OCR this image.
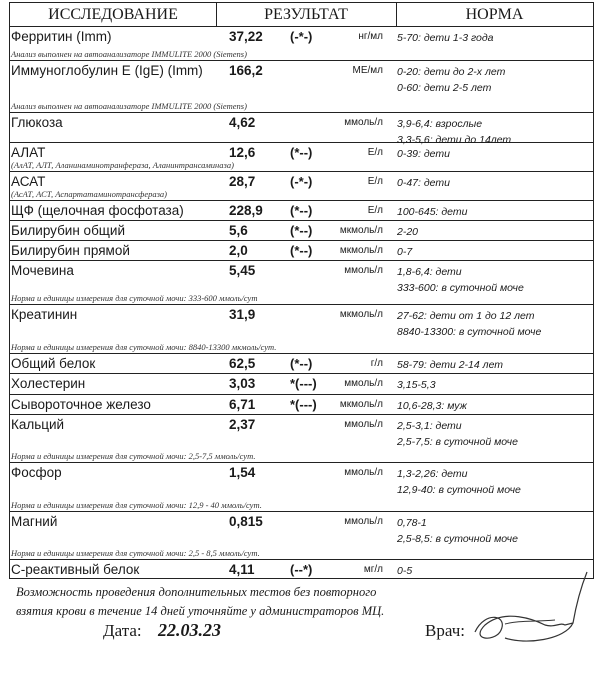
ИССЛЕДОВАНИЕ	РЕЗУЛЬТАТ	НОРМА
Ферритин (Imm)	37,22 (-*-)	нг/мл 5-70: дети 1-3 года
Анализ выполнен на автоанализаторе IMMULITE 2000 (Siemens)
Иммуноглобулин E (IgE) (Imm) 166,2	МЕ/мл 0-20: дети до 2-х лет
0-60: дети 2-5 лет
Анализ выполнен на автоанализаторе IMMULITE 2000 (Siemens)
Глюкоза	4,62	ммоль/л 3,9-6,4: взрослые
3,3-5,6: дети до 14лет
АЛАТ	12,6	(*--)	Е/л 0-39: дети
(АлАТ, АЛТ, Аланинаминотранфераза, Аланинтрансаминаза)
АСАТ	28,7	(-*-)	Е/л 0-47: дети
(АсАТ, АСТ, Аспартатаминотрансфераза)
ЩФ (щелочная фосфотаза)	228,9 (*--)	Е/л 100-645: дети
Билирубин общий	5,6	(*--)	мкмоль/л 2-20
Билирубин прямой	2,0	(*--)	мкмоль/л 0-7
Мочевина	5,45	ммоль/л 1,8-6,4: дети
333-600: в суточной моче
Норма и единицы измерения для суточной мочи: 333-600 ммоль/сут
Креатинин	31,9	мкмоль/л 27-62: дети от 1 до 12 лет
8840-13300: в суточной моче
Норма и единицы измерения для суточной мочи: 8840-13300 мкмоль/сут.
Общий белок	62,5	(*--)	г/л 58-79: дети 2-14 лет
Холестерин	3,03	*(---)	ммоль/л 3,15-5,3
Сывороточное железо	6,71	*(---) мкмоль/л 10,6-28,3: муж
Кальций	2,37	ммоль/л 2,5-3,1: дети
2,5-7,5: в суточной моче
Норма и единицы измерения для суточной мочи: 2,5-7,5 ммоль/сут.
Фосфор	1,54	ммоль/л 1,3-2,26: дети
12,9-40: в суточной моче
Норма и единицы измерения для суточной мочи: 12,9 - 40 ммоль/сут.
Магний	0,815	ммоль/л 0,78-1
2,5-8,5: в суточной моче
Норма и единицы измерения для суточной мочи: 2,5 - 8,5 ммоль/сут.
С-реактивный белок	4,11	(--*)	мг/л 0-5
Возможность проведения дополнительных тестов без повторного
взятия крови в течение 14 дней уточняйте у администраторов МЦ.
Дата: 22.03.23	Врач:
